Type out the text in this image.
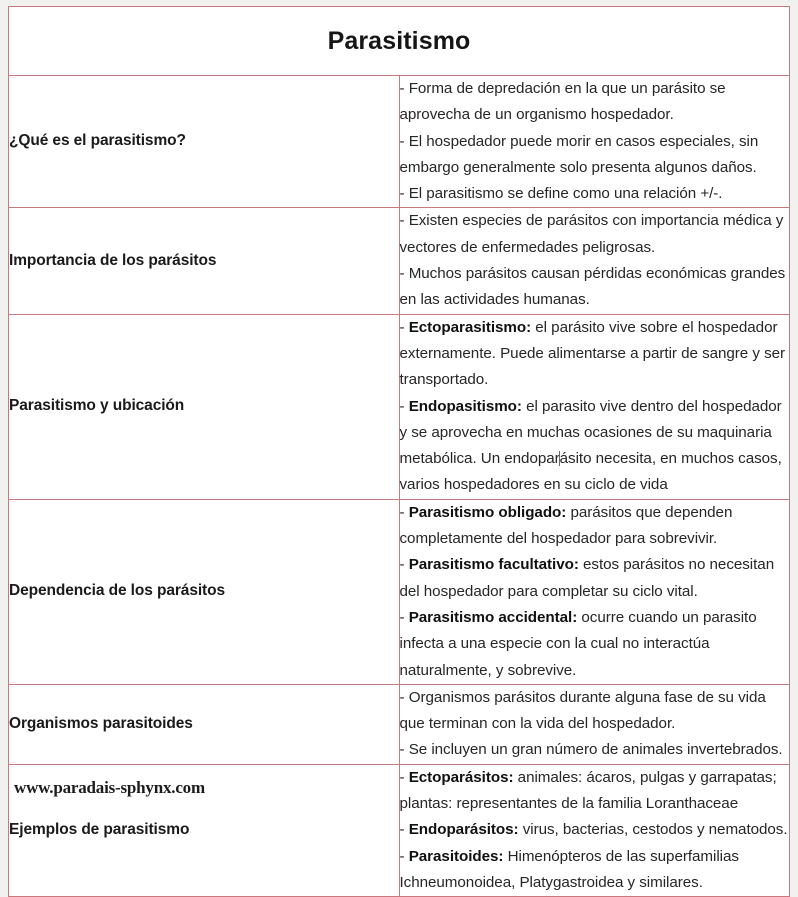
Parasitismo	

¿Qué es el parasitismo?	- Forma de depredación en la que un parásito se aprovecha de un organismo hospedador.
- El hospedador puede morir en casos especiales, sin embargo generalmente solo presenta algunos daños.
- El parasitismo se define como una relación +/-.

Importancia de los parásitos	- Existen especies de parásitos con importancia médica y vectores de enfermedades peligrosas.
- Muchos parásitos causan pérdidas económicas grandes en las actividades humanas.

Parasitismo y ubicación	- Ectoparasitismo: el parásito vive sobre el hospedador externamente. Puede alimentarse a partir de sangre y ser transportado.
- Endopasitismo: el parasito vive dentro del hospedador y se aprovecha en muchas ocasiones de su maquinaria metabólica. Un endoparásito necesita, en muchos casos, varios hospedadores en su ciclo de vida

Dependencia de los parásitos	- Parasitismo obligado: parásitos que dependen completamente del hospedador para sobrevivir.
- Parasitismo facultativo: estos parásitos no necesitan del hospedador para completar su ciclo vital.
- Parasitismo accidental: ocurre cuando un parasito infecta a una especie con la cual no interactúa naturalmente, y sobrevive.

Organismos parasitoides	- Organismos parásitos durante alguna fase de su vida que terminan con la vida del hospedador.
- Se incluyen un gran número de animales invertebrados.

Ejemplos de parasitismo	- Ectoparásitos: animales: ácaros, pulgas y garrapatas; plantas: representantes de la familia Loranthaceae
- Endoparásitos: virus, bacterias, cestodos y nematodos.
- Parasitoides: Himenópteros de las superfamilias Ichneumonoidea, Platygastroidea y similares.
www.paradais-sphynx.com
